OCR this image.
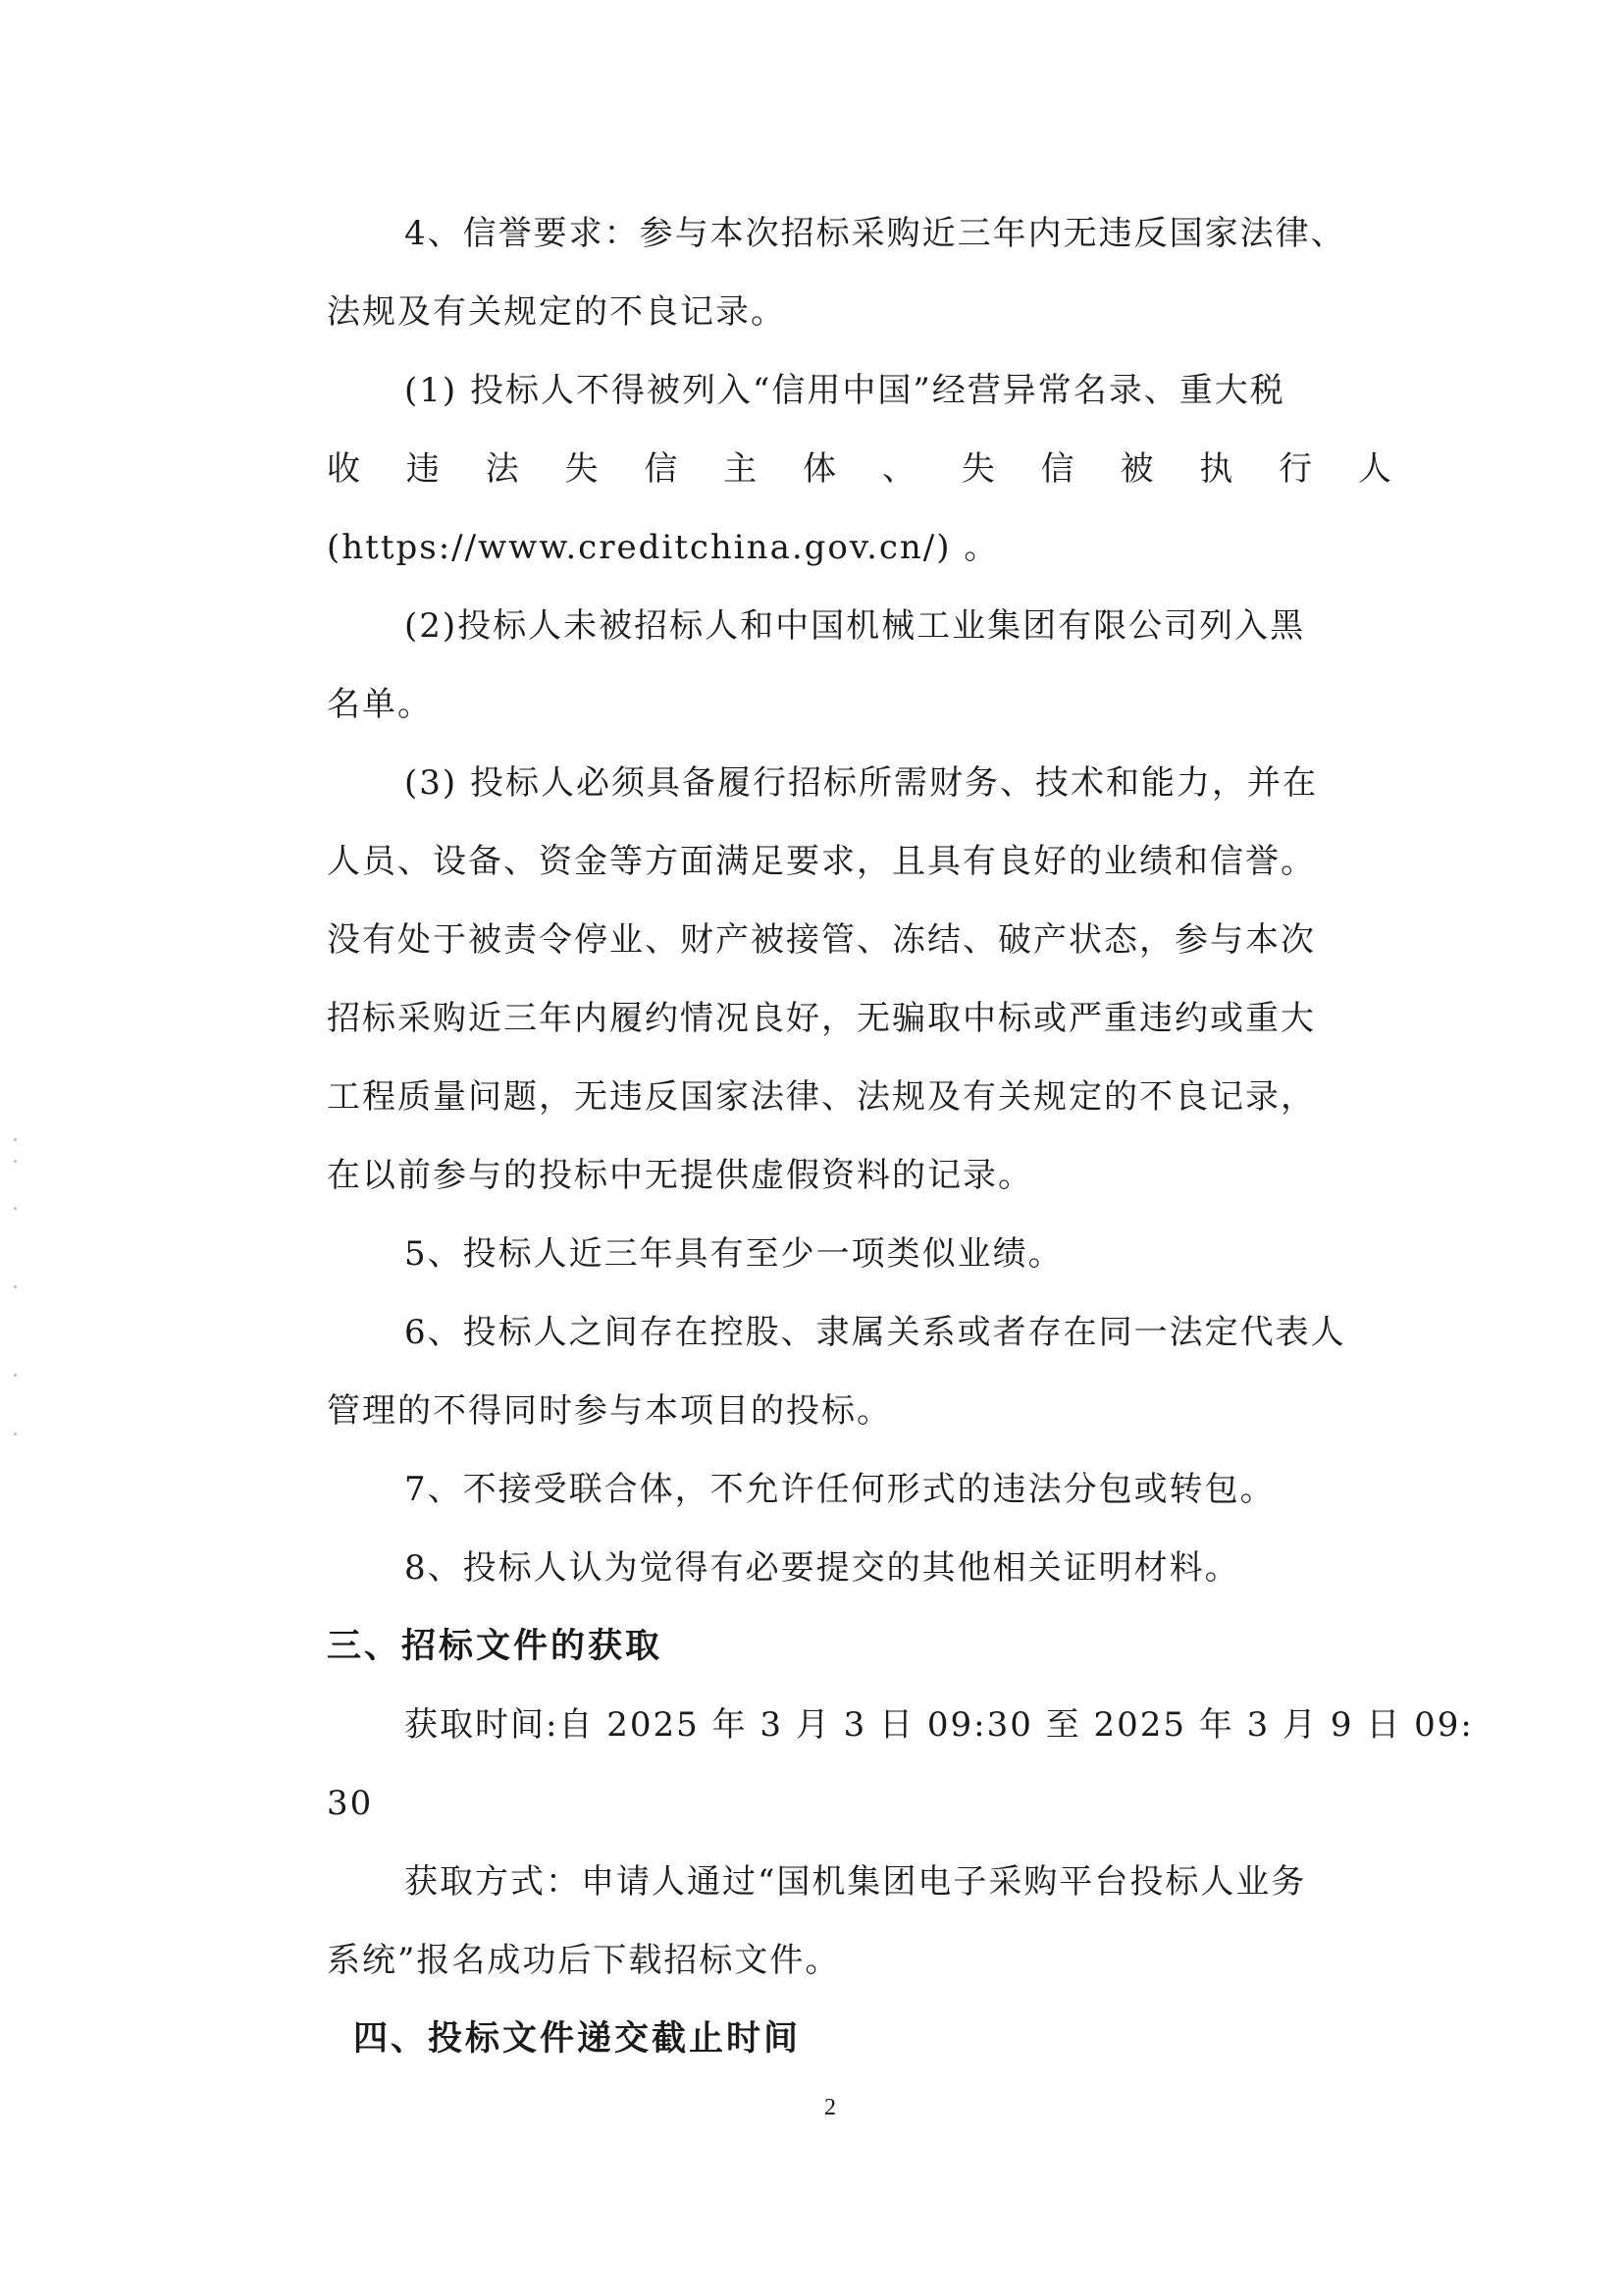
4、信誉要求：参与本次招标采购近三年内无违反国家法律、
法规及有关规定的不良记录。
(1) 投标人不得被列入“信用中国”经营异常名录、重大税
收 违 法 失 信 主 体 、 失 信 被 执 行 人
(https://www.creditchina.gov.cn/) 。
(2)投标人未被招标人和中国机械工业集团有限公司列入黑
名单。
(3) 投标人必须具备履行招标所需财务、技术和能力，并在
人员、设备、资金等方面满足要求，且具有良好的业绩和信誉。
没有处于被责令停业、财产被接管、冻结、破产状态，参与本次
招标采购近三年内履约情况良好，无骗取中标或严重违约或重大
工程质量问题，无违反国家法律、法规及有关规定的不良记录，
在以前参与的投标中无提供虚假资料的记录。
5、投标人近三年具有至少一项类似业绩。
6、投标人之间存在控股、隶属关系或者存在同一法定代表人
管理的不得同时参与本项目的投标。
7、不接受联合体，不允许任何形式的违法分包或转包。
8、投标人认为觉得有必要提交的其他相关证明材料。
三、招标文件的获取
获取时间:自 2025 年 3 月 3 日 09:30 至 2025 年 3 月 9 日 09:
30
获取方式：申请人通过“国机集团电子采购平台投标人业务
系统”报名成功后下载招标文件。
四、投标文件递交截止时间
2
